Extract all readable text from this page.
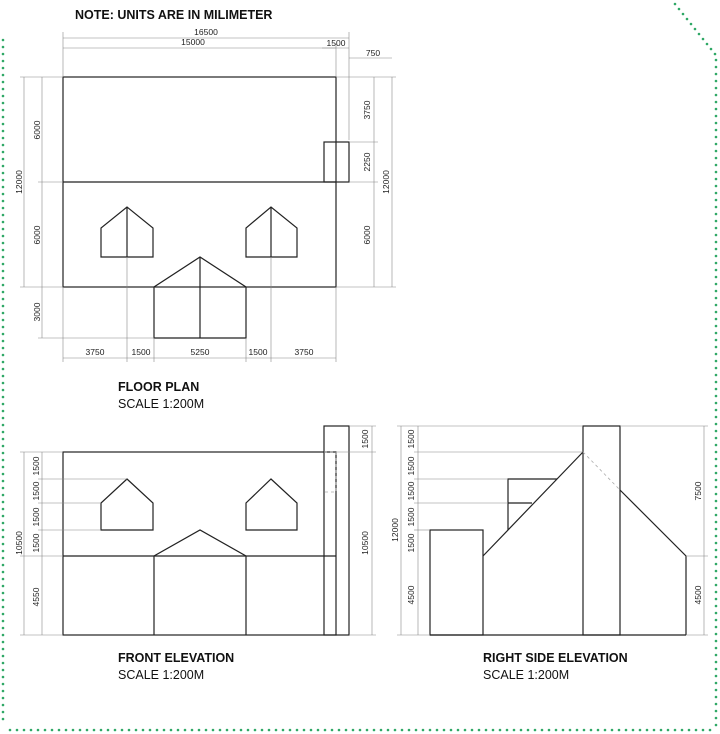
NOTE: UNITS ARE IN MILIMETER
16500
15000	1500
750
6000
6000
12000
3000
3750
2250
6000
12000
3750	1500	5250	1500	3750
FLOOR PLAN
SCALE 1:200M
1500
1500
1500
1500
10500
4550
1500
10500
FRONT ELEVATION
SCALE 1:200M
1500
1500
1500
1500
1500
12000
4500
7500
4500
RIGHT SIDE ELEVATION
SCALE 1:200M
